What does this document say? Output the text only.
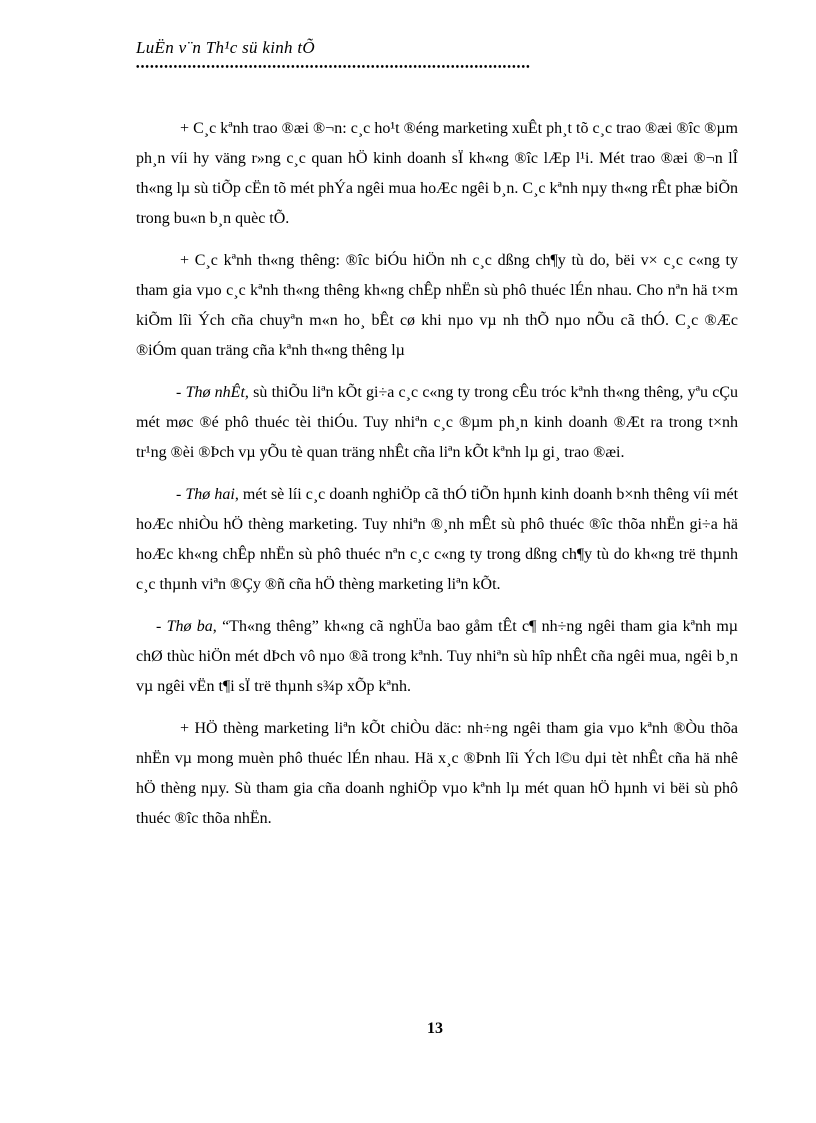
LuËn v¨n Th¹c sü kinh tÕ
••••••••••••••••••••••••••••••••••••••••••••••••••••••••••••••••••••••••••••••••••••

+ C¸c kªnh trao ®æi ®¬n: c¸c ho¹t ®éng marketing xuÊt ph¸t tõ c¸c trao ®æi ®îc ®µm ph¸n víi hy väng r»ng c¸c quan hÖ kinh doanh sÏ kh«ng ®îc lÆp l¹i. Mét trao ®æi ®¬n lÎ th«ng lµ sù tiÕp cËn tõ mét phÝa ngêi mua hoÆc ngêi b¸n. C¸c kªnh nµy th«ng rÊt phæ biÕn trong bu«n b¸n quèc tÕ.

+ C¸c kªnh th«ng thêng: ®îc biÓu hiÖn nh c¸c dßng ch¶y tù do, bëi v× c¸c c«ng ty tham gia vµo c¸c kªnh th«ng thêng kh«ng chÊp nhËn sù phô thuéc lÉn nhau. Cho nªn hä t×m kiÕm lîi Ých cña chuyªn m«n ho¸ bÊt cø khi nµo vµ nh thÕ nµo nÕu cã thÓ. C¸c ®Æc ®iÓm quan träng cña kªnh th«ng thêng lµ

- Thø nhÊt, sù thiÕu liªn kÕt gi÷a c¸c c«ng ty trong cÊu tróc kªnh th«ng thêng, yªu cÇu mét møc ®é phô thuéc tèi thiÓu. Tuy nhiªn c¸c ®µm ph¸n kinh doanh ®Æt ra trong t×nh tr¹ng ®èi ®Þch vµ yÕu tè quan träng nhÊt cña liªn kÕt kªnh lµ gi¸ trao ®æi.

- Thø hai, mét sè líi c¸c doanh nghiÖp cã thÓ tiÕn hµnh kinh doanh b×nh thêng víi mét hoÆc nhiÒu hÖ thèng marketing. Tuy nhiªn ®¸nh mÊt sù phô thuéc ®îc thõa nhËn gi÷a hä hoÆc kh«ng chÊp nhËn sù phô thuéc nªn c¸c c«ng ty trong dßng ch¶y tù do kh«ng trë thµnh c¸c thµnh viªn ®Çy ®ñ cña hÖ thèng marketing liªn kÕt.

- Thø ba, “Th«ng thêng” kh«ng cã nghÜa bao gåm tÊt c¶ nh÷ng ngêi tham gia kªnh mµ chØ thùc hiÖn mét dÞch vô nµo ®ã trong kªnh. Tuy nhiªn sù hîp nhÊt cña ngêi mua, ngêi b¸n vµ ngêi vËn t¶i sÏ trë thµnh s¾p xÕp kªnh.

+ HÖ thèng marketing liªn kÕt chiÒu däc: nh÷ng ngêi tham gia vµo kªnh ®Òu thõa nhËn vµ mong muèn phô thuéc lÉn nhau. Hä x¸c ®Þnh lîi Ých l©u dµi tèt nhÊt cña hä nhê hÖ thèng nµy. Sù tham gia cña doanh nghiÖp vµo kªnh lµ mét quan hÖ hµnh vi bëi sù phô thuéc ®îc thõa nhËn.

13
